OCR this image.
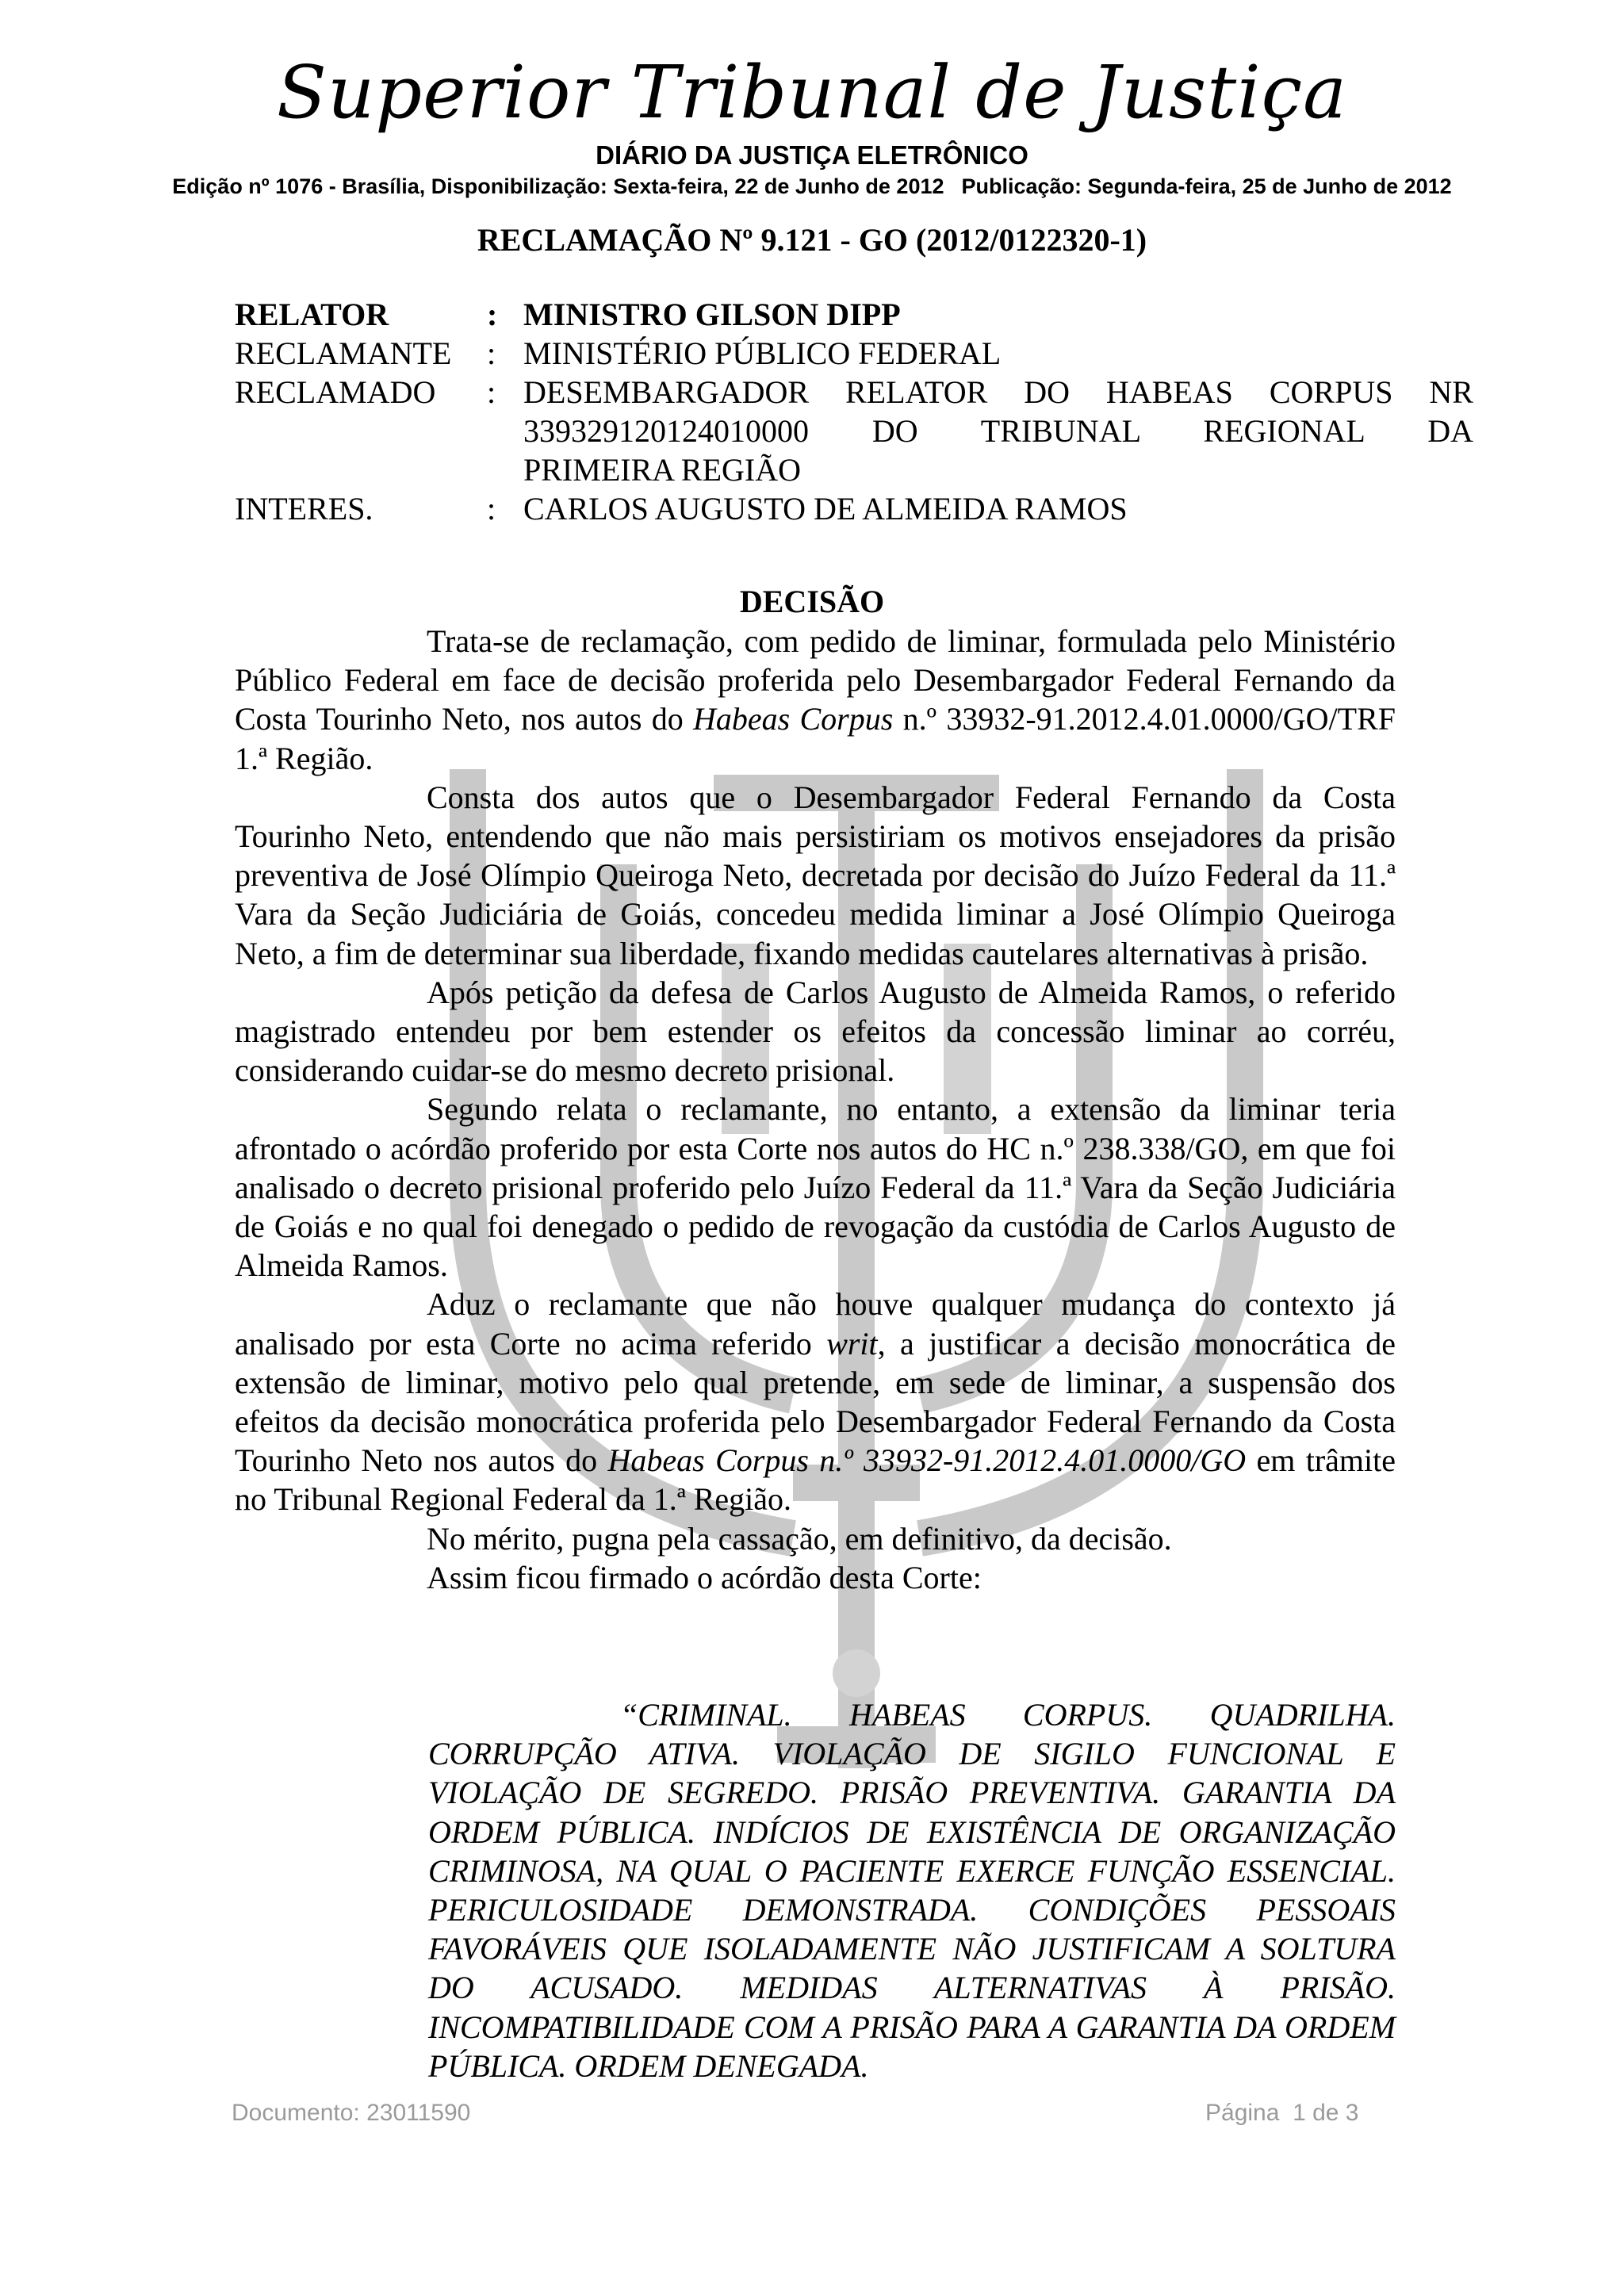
Superior Tribunal de Justiça
DIÁRIO DA JUSTIÇA ELETRÔNICO
Edição nº 1076 - Brasília, Disponibilização: Sexta-feira, 22 de Junho de 2012 Publicação: Segunda-feira, 25 de Junho de 2012
RECLAMAÇÃO Nº 9.121 - GO (2012/0122320-1)
RELATOR	: MINISTRO GILSON DIPP
RECLAMANTE	: MINISTÉRIO PÚBLICO FEDERAL
RECLAMADO	: DESEMBARGADOR RELATOR DO HABEAS CORPUS NR
339329120124010000 DO TRIBUNAL REGIONAL DA
PRIMEIRA REGIÃO
INTERES.	: CARLOS AUGUSTO DE ALMEIDA RAMOS
DECISÃO

Trata-se de reclamação, com pedido de liminar, formulada pelo Ministério Público Federal em face de decisão proferida pelo Desembargador Federal Fernando da Costa Tourinho Neto, nos autos do Habeas Corpus n.º 33932-91.2012.4.01.0000/GO/TRF 1.ª Região.

Consta dos autos que o Desembargador Federal Fernando da Costa Tourinho Neto, entendendo que não mais persistiriam os motivos ensejadores da prisão preventiva de José Olímpio Queiroga Neto, decretada por decisão do Juízo Federal da 11.ª Vara da Seção Judiciária de Goiás, concedeu medida liminar a José Olímpio Queiroga Neto, a fim de determinar sua liberdade, fixando medidas cautelares alternativas à prisão.

Após petição da defesa de Carlos Augusto de Almeida Ramos, o referido magistrado entendeu por bem estender os efeitos da concessão liminar ao corréu, considerando cuidar-se do mesmo decreto prisional.

Segundo relata o reclamante, no entanto, a extensão da liminar teria afrontado o acórdão proferido por esta Corte nos autos do HC n.º 238.338/GO, em que foi analisado o decreto prisional proferido pelo Juízo Federal da 11.ª Vara da Seção Judiciária de Goiás e no qual foi denegado o pedido de revogação da custódia de Carlos Augusto de Almeida Ramos.

Aduz o reclamante que não houve qualquer mudança do contexto já analisado por esta Corte no acima referido writ, a justificar a decisão monocrática de extensão de liminar, motivo pelo qual pretende, em sede de liminar, a suspensão dos efeitos da decisão monocrática proferida pelo Desembargador Federal Fernando da Costa Tourinho Neto nos autos do Habeas Corpus n.º 33932-91.2012.4.01.0000/GO em trâmite no Tribunal Regional Federal da 1.ª Região.

No mérito, pugna pela cassação, em definitivo, da decisão.

Assim ficou firmado o acórdão desta Corte:

“CRIMINAL. HABEAS CORPUS. QUADRILHA. CORRUPÇÃO ATIVA. VIOLAÇÃO DE SIGILO FUNCIONAL E VIOLAÇÃO DE SEGREDO. PRISÃO PREVENTIVA. GARANTIA DA ORDEM PÚBLICA. INDÍCIOS DE EXISTÊNCIA DE ORGANIZAÇÃO CRIMINOSA, NA QUAL O PACIENTE EXERCE FUNÇÃO ESSENCIAL. PERICULOSIDADE DEMONSTRADA. CONDIÇÕES PESSOAIS FAVORÁVEIS QUE ISOLADAMENTE NÃO JUSTIFICAM A SOLTURA DO ACUSADO. MEDIDAS ALTERNATIVAS À PRISÃO. INCOMPATIBILIDADE COM A PRISÃO PARA A GARANTIA DA ORDEM PÚBLICA. ORDEM DENEGADA.
Documento: 23011590	Página  1 de 3
